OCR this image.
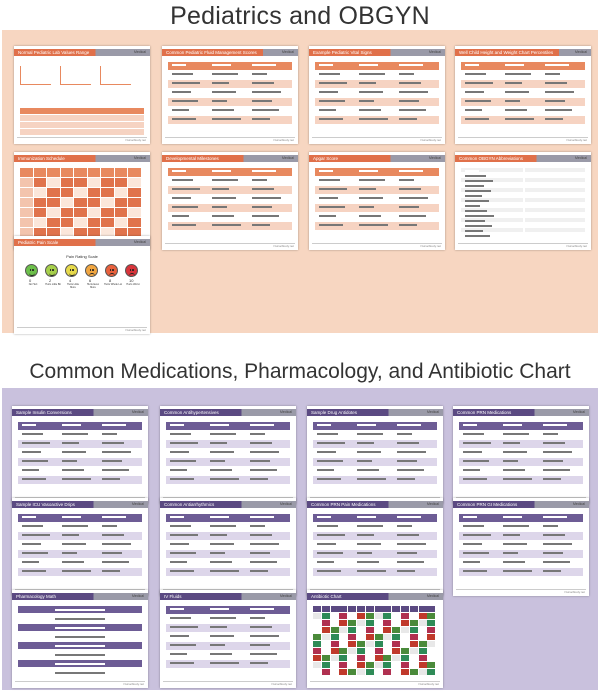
Pediatrics and OBGYN
Normal Pediatric Lab Values Range	Medical
NurseStudy.net
Common Pediatric Fluid Management Scores	Medical
NurseStudy.net
Example Pediatric Vital Signs	Medical
NurseStudy.net
Well Child Height and Weight Chart Percentiles	Medical
NurseStudy.net
Immunization Schedule	Medical	Developmental Milestones	Medical
NurseStudy.net
Apgar Score	Medical
NurseStudy.net
Common OBGYN Abbreviations	Medical
NurseStudy.net
Pediatric Pain Scale	Medical
Pain Rating Scale
0
No Hurt
2
Hurts Little Bit
4
Hurts Little More
6
Hurts Even More
8
Hurts Whole Lot
10
Hurts Worst
NurseStudy.net
Common Medications, Pharmacology, and Antibiotic Chart
Sample Insulin Conversions	Medical	Common Antihypertensives	Medical	Sample Drug Antidotes	Medical	Common PRN Medications	Medical
Sample ICU Vasoactive Drips	Medical	Common Antiarrhythmics	Medical	Common PRN Pain Medications	Medical	Common PRN GI Medications	Medical
NurseStudy.net
Pharmacology Math	Medical
NurseStudy.net
IV Fluids	Medical
NurseStudy.net
Antibiotic Chart	Medical
NurseStudy.net
